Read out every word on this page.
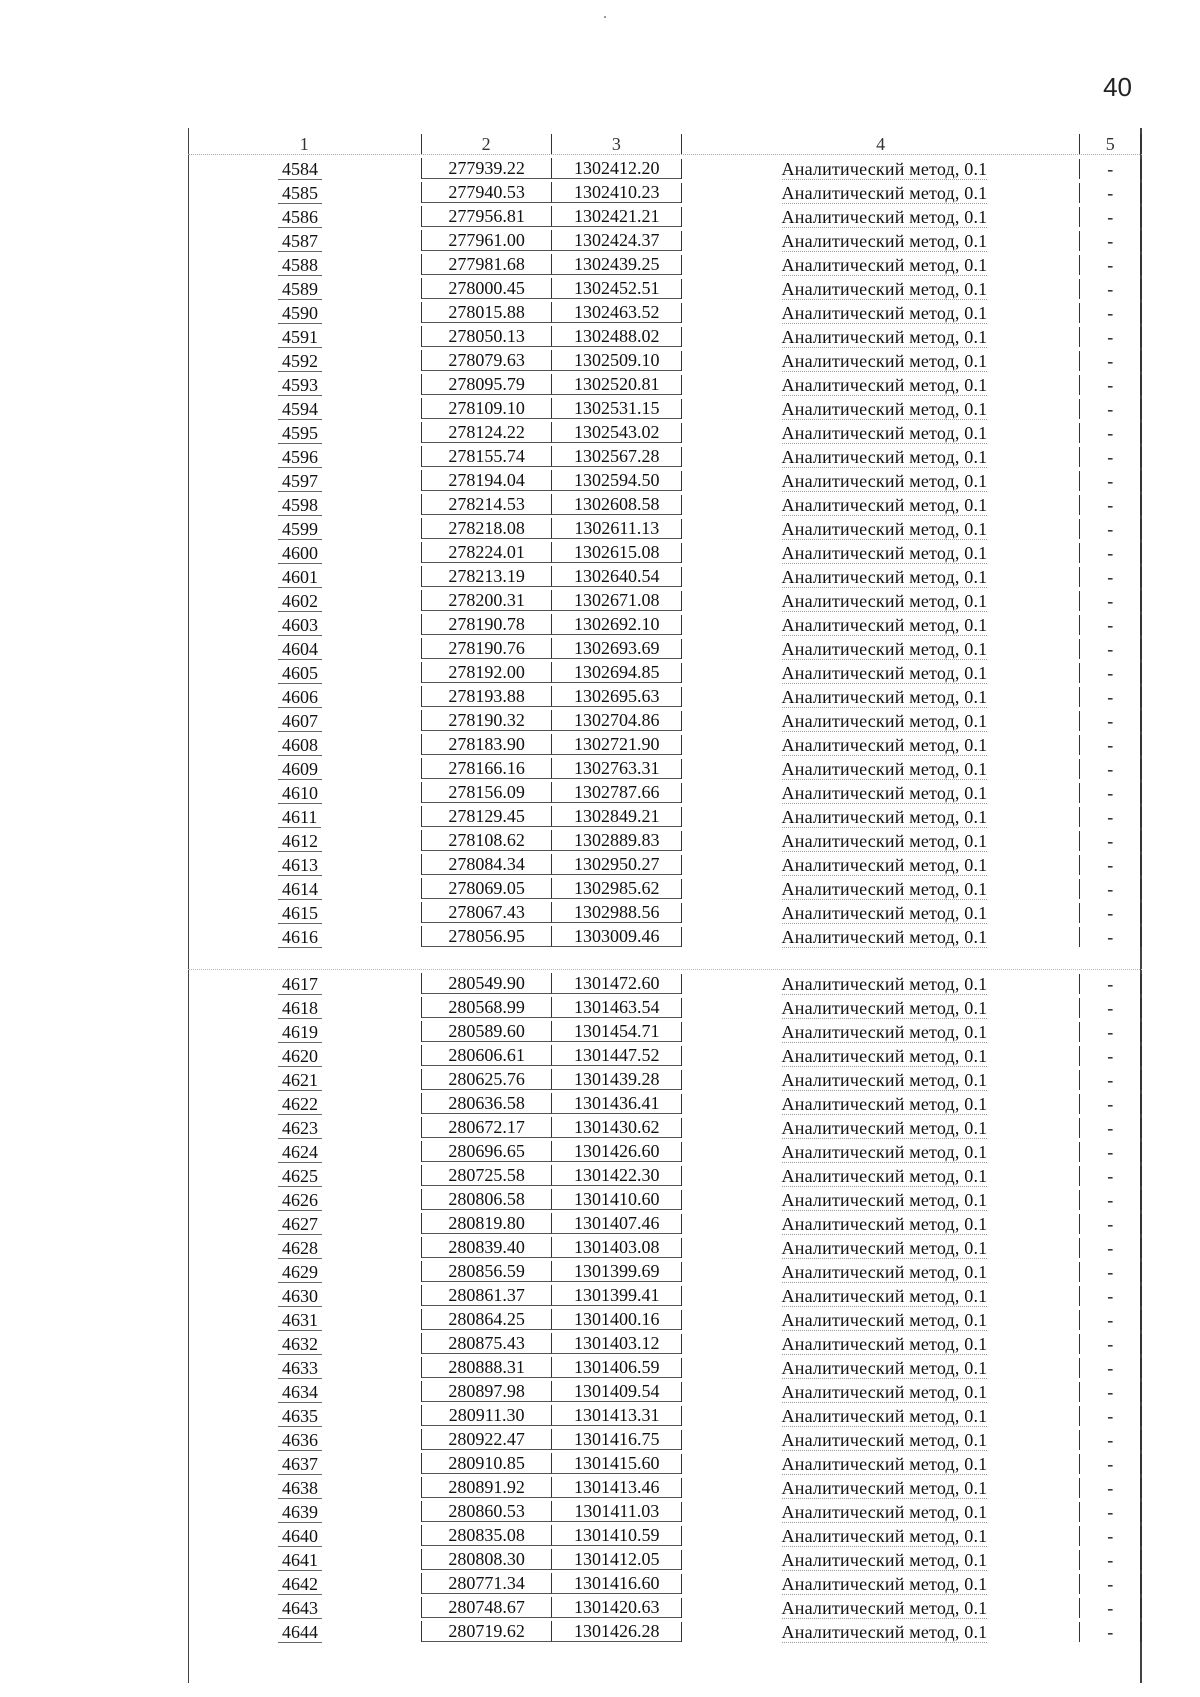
40
1	2	3	4	5
4584	277939.22	1302412.20	Аналитический метод, 0.1	-
4585	277940.53	1302410.23	Аналитический метод, 0.1	-
4586	277956.81	1302421.21	Аналитический метод, 0.1	-
4587	277961.00	1302424.37	Аналитический метод, 0.1	-
4588	277981.68	1302439.25	Аналитический метод, 0.1	-
4589	278000.45	1302452.51	Аналитический метод, 0.1	-
4590	278015.88	1302463.52	Аналитический метод, 0.1	-
4591	278050.13	1302488.02	Аналитический метод, 0.1	-
4592	278079.63	1302509.10	Аналитический метод, 0.1	-
4593	278095.79	1302520.81	Аналитический метод, 0.1	-
4594	278109.10	1302531.15	Аналитический метод, 0.1	-
4595	278124.22	1302543.02	Аналитический метод, 0.1	-
4596	278155.74	1302567.28	Аналитический метод, 0.1	-
4597	278194.04	1302594.50	Аналитический метод, 0.1	-
4598	278214.53	1302608.58	Аналитический метод, 0.1	-
4599	278218.08	1302611.13	Аналитический метод, 0.1	-
4600	278224.01	1302615.08	Аналитический метод, 0.1	-
4601	278213.19	1302640.54	Аналитический метод, 0.1	-
4602	278200.31	1302671.08	Аналитический метод, 0.1	-
4603	278190.78	1302692.10	Аналитический метод, 0.1	-
4604	278190.76	1302693.69	Аналитический метод, 0.1	-
4605	278192.00	1302694.85	Аналитический метод, 0.1	-
4606	278193.88	1302695.63	Аналитический метод, 0.1	-
4607	278190.32	1302704.86	Аналитический метод, 0.1	-
4608	278183.90	1302721.90	Аналитический метод, 0.1	-
4609	278166.16	1302763.31	Аналитический метод, 0.1	-
4610	278156.09	1302787.66	Аналитический метод, 0.1	-
4611	278129.45	1302849.21	Аналитический метод, 0.1	-
4612	278108.62	1302889.83	Аналитический метод, 0.1	-
4613	278084.34	1302950.27	Аналитический метод, 0.1	-
4614	278069.05	1302985.62	Аналитический метод, 0.1	-
4615	278067.43	1302988.56	Аналитический метод, 0.1	-
4616	278056.95	1303009.46	Аналитический метод, 0.1	-
4617	280549.90	1301472.60	Аналитический метод, 0.1	-
4618	280568.99	1301463.54	Аналитический метод, 0.1	-
4619	280589.60	1301454.71	Аналитический метод, 0.1	-
4620	280606.61	1301447.52	Аналитический метод, 0.1	-
4621	280625.76	1301439.28	Аналитический метод, 0.1	-
4622	280636.58	1301436.41	Аналитический метод, 0.1	-
4623	280672.17	1301430.62	Аналитический метод, 0.1	-
4624	280696.65	1301426.60	Аналитический метод, 0.1	-
4625	280725.58	1301422.30	Аналитический метод, 0.1	-
4626	280806.58	1301410.60	Аналитический метод, 0.1	-
4627	280819.80	1301407.46	Аналитический метод, 0.1	-
4628	280839.40	1301403.08	Аналитический метод, 0.1	-
4629	280856.59	1301399.69	Аналитический метод, 0.1	-
4630	280861.37	1301399.41	Аналитический метод, 0.1	-
4631	280864.25	1301400.16	Аналитический метод, 0.1	-
4632	280875.43	1301403.12	Аналитический метод, 0.1	-
4633	280888.31	1301406.59	Аналитический метод, 0.1	-
4634	280897.98	1301409.54	Аналитический метод, 0.1	-
4635	280911.30	1301413.31	Аналитический метод, 0.1	-
4636	280922.47	1301416.75	Аналитический метод, 0.1	-
4637	280910.85	1301415.60	Аналитический метод, 0.1	-
4638	280891.92	1301413.46	Аналитический метод, 0.1	-
4639	280860.53	1301411.03	Аналитический метод, 0.1	-
4640	280835.08	1301410.59	Аналитический метод, 0.1	-
4641	280808.30	1301412.05	Аналитический метод, 0.1	-
4642	280771.34	1301416.60	Аналитический метод, 0.1	-
4643	280748.67	1301420.63	Аналитический метод, 0.1	-
4644	280719.62	1301426.28	Аналитический метод, 0.1	-
